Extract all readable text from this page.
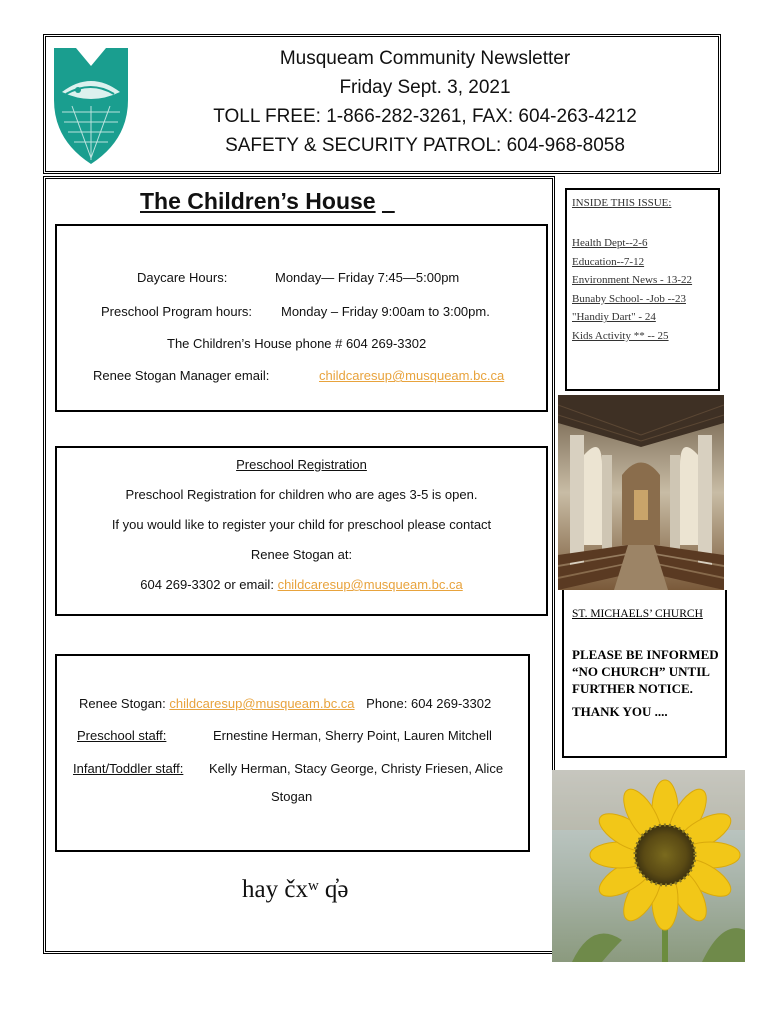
Musqueam Community Newsletter
Friday Sept. 3, 2021
TOLL FREE: 1-866-282-3261, FAX: 604-263-4212
SAFETY & SECURITY PATROL: 604-968-8058
The Children’s House
Daycare Hours:	Monday— Friday 7:45—5:00pm
Preschool Program hours: Monday – Friday 9:00am to 3:00pm.
The Children’s House phone # 604 269-3302
Renee Stogan Manager email:	childcaresup@musqueam.bc.ca
Preschool Registration
Preschool Registration for children who are ages 3-5 is open.
If you would like to register your child for preschool please contact
Renee Stogan at:
604 269-3302 or email: childcaresup@musqueam.bc.ca
Renee Stogan: childcaresup@musqueam.bc.ca Phone: 604 269-3302
Preschool staff:	Ernestine Herman, Sherry Point, Lauren Mitchell
Infant/Toddler staff: Kelly Herman, Stacy George, Christy Friesen, Alice
Stogan
hay čxʷ q̓ə
INSIDE THIS ISSUE:
Health Dept--2-6
Education--7-12
Environment News - 13-22
Bunaby School- -Job --23
"Handiy Dart" - 24
Kids Activity ** -- 25
ST. MICHAELS’ CHURCH
PLEASE BE INFORMED
“NO CHURCH” UNTIL
FURTHER NOTICE.
THANK YOU ....
